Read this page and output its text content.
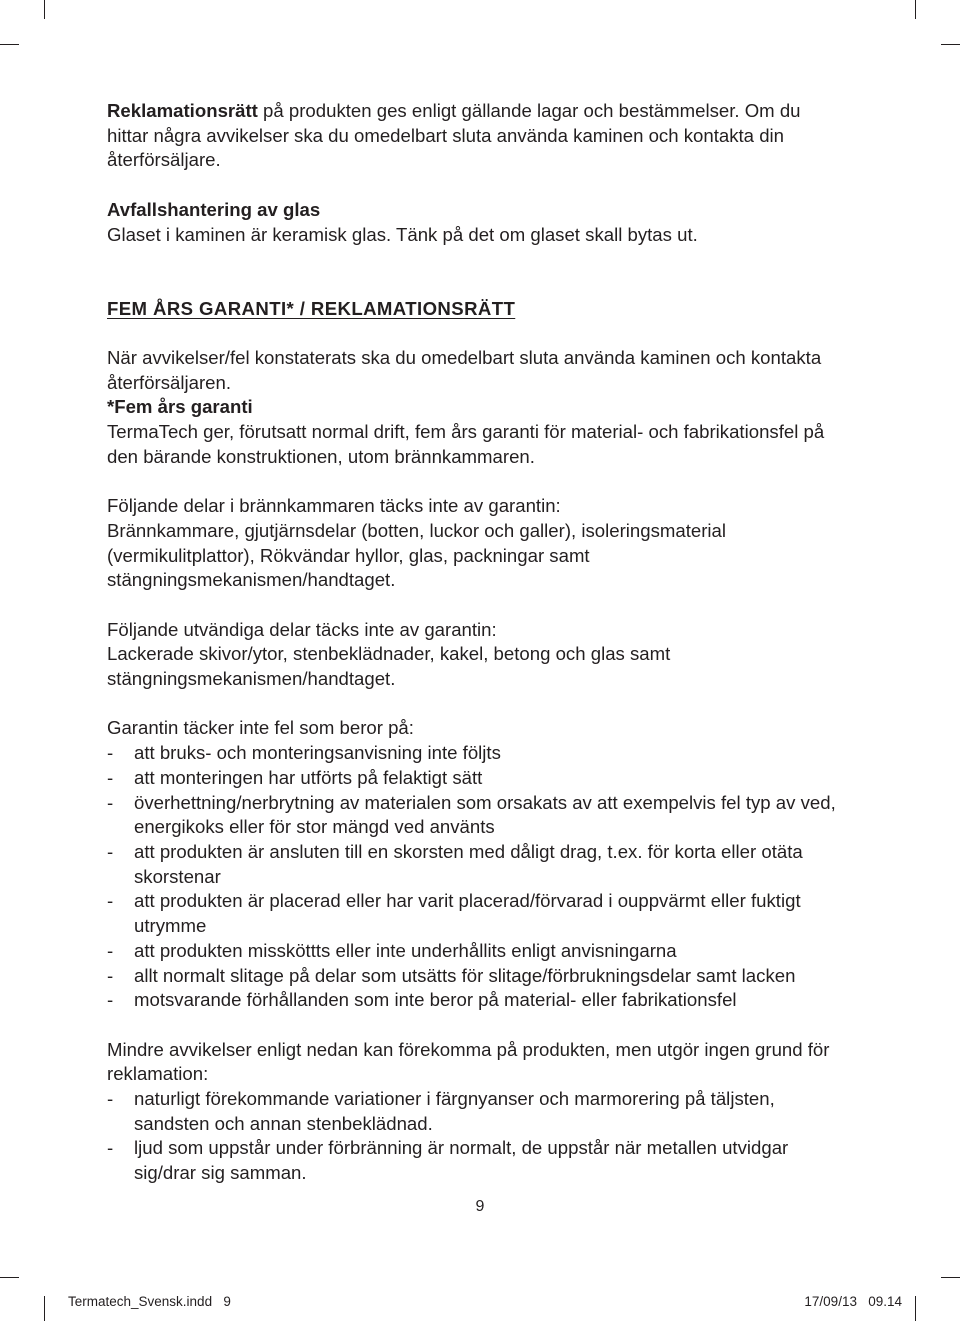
Reklamationsrätt på produkten ges enligt gällande lagar och bestämmelser. Om du hittar några avvikelser ska du omedelbart sluta använda kaminen och kontakta din återförsäljare.

Avfallshantering av glas

Glaset i kaminen är keramisk glas. Tänk på det om glaset skall bytas ut.

FEM ÅRS GARANTI* / REKLAMATIONSRÄTT

När avvikelser/fel konstaterats ska du omedelbart sluta använda kaminen och kontakta återförsäljaren.

*Fem års garanti

TermaTech ger, förutsatt normal drift, fem års garanti för material- och fabrikationsfel på den bärande konstruktionen, utom brännkammaren.

Följande delar i brännkammaren täcks inte av garantin:

Brännkammare, gjutjärnsdelar (botten, luckor och galler), isoleringsmaterial (vermikulitplattor), Rökvändar hyllor, glas, packningar samt stängningsmekanismen/handtaget.

Följande utvändiga delar täcks inte av garantin:

Lackerade skivor/ytor, stenbeklädnader, kakel, betong och glas samt stängningsmekanismen/handtaget.

Garantin täcker inte fel som beror på:

- att bruks- och monteringsanvisning inte följts
- att monteringen har utförts på felaktigt sätt
- överhettning/nerbrytning av materialen som orsakats av att exempelvis fel typ av ved, energikoks eller för stor mängd ved använts
- att produkten är ansluten till en skorsten med dåligt drag, t.ex. för korta eller otäta skorstenar
- att produkten är placerad eller har varit placerad/förvarad i ouppvärmt eller fuktigt utrymme
- att produkten missköttts eller inte underhållits enligt anvisningarna
- allt normalt slitage på delar som utsätts för slitage/förbrukningsdelar samt lacken
- motsvarande förhållanden som inte beror på material- eller fabrikationsfel

Mindre avvikelser enligt nedan kan förekomma på produkten, men utgör ingen grund för reklamation:

- naturligt förekommande variationer i färgnyanser och marmorering på täljsten, sandsten och annan stenbeklädnad.
- ljud som uppstår under förbränning är normalt, de uppstår när metallen utvidgar sig/drar sig samman.
9
Termatech_Svensk.indd   9	17/09/13   09.14
